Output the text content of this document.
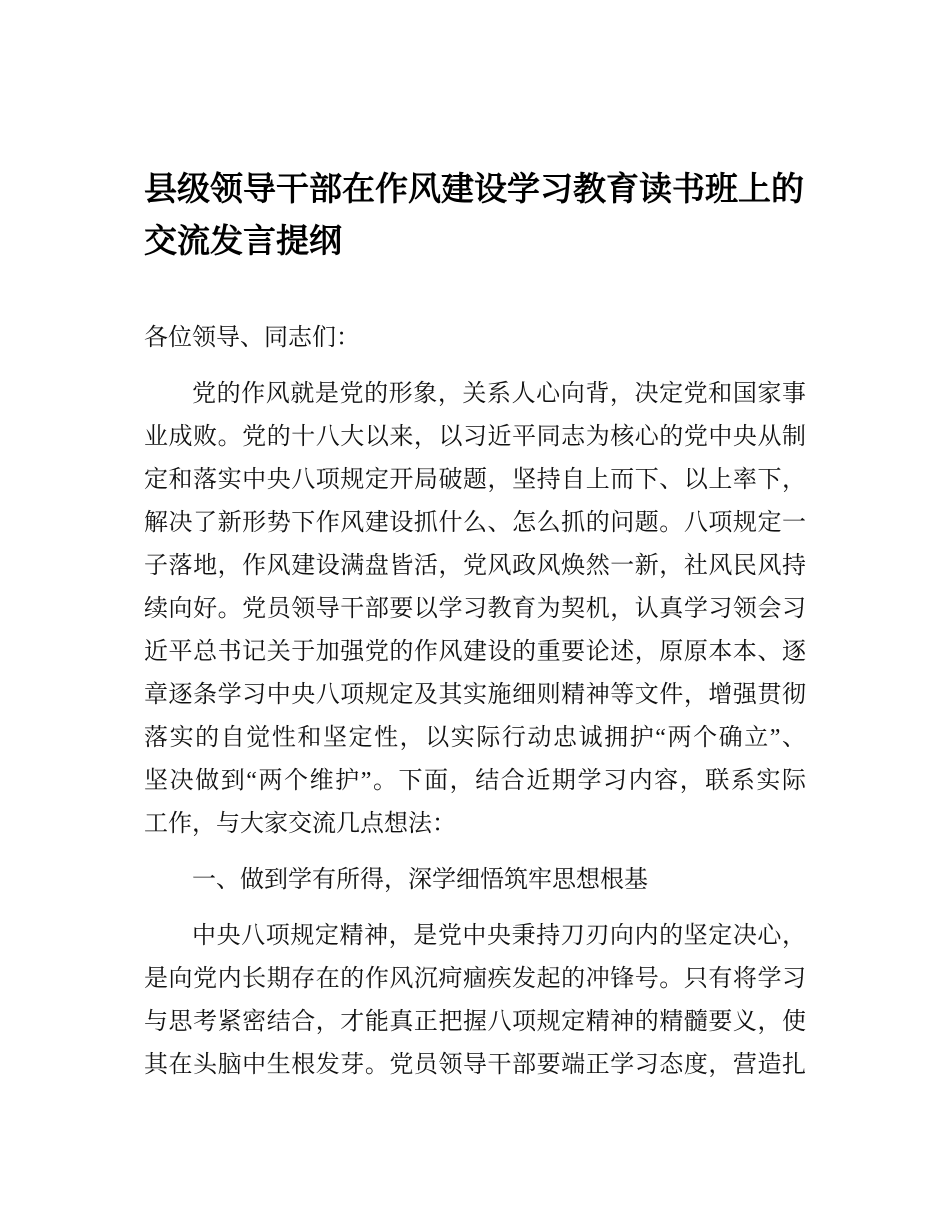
县级领导干部在作风建设学习教育读书班上的
交流发言提纲

各位领导、同志们：

党的作风就是党的形象，关系人心向背，决定党和国家事
业成败。党的十八大以来，以习近平同志为核心的党中央从制
定和落实中央八项规定开局破题，坚持自上而下、以上率下，
解决了新形势下作风建设抓什么、怎么抓的问题。八项规定一
子落地，作风建设满盘皆活，党风政风焕然一新，社风民风持
续向好。党员领导干部要以学习教育为契机，认真学习领会习
近平总书记关于加强党的作风建设的重要论述，原原本本、逐
章逐条学习中央八项规定及其实施细则精神等文件，增强贯彻
落实的自觉性和坚定性，以实际行动忠诚拥护“两个确立”、
坚决做到“两个维护”。下面，结合近期学习内容，联系实际
工作，与大家交流几点想法：
一、做到学有所得，深学细悟筑牢思想根基
中央八项规定精神，是党中央秉持刀刃向内的坚定决心，
是向党内长期存在的作风沉疴痼疾发起的冲锋号。只有将学习
与思考紧密结合，才能真正把握八项规定精神的精髓要义，使
其在头脑中生根发芽。党员领导干部要端正学习态度，营造扎
